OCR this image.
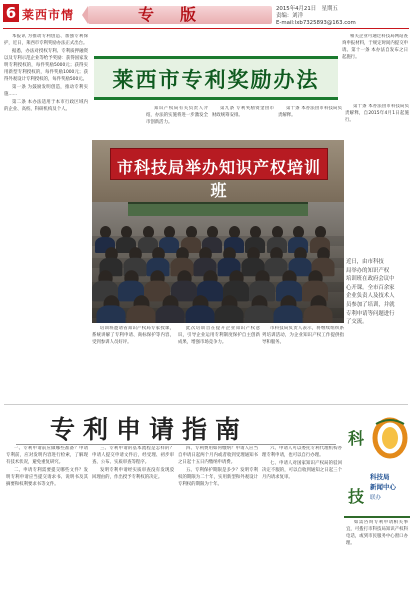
6 莱西市情	专版	2015年4月21日　星期五
责编：刘洋
E-mail:lxb7325893@163.com

本报讯 为推动专利创造、加强专利保护，近日，莱西市专利奖励办法正式出台。

据悉，办法对授权专利、专利质押融资以及专利示范企业等给予奖励：获得国家发明专利授权的，每件奖励5000元；获得实用新型专利授权的，每件奖励1000元；获得外观设计专利授权的，每件奖励500元。

第一条 为鼓励发明创造，推动专利实施……

第二条 本办法适用于本市行政区域内的企业、高校、科研机构及个人。

相关企业可通过科技局网站查询申报材料，于规定时间内提交申请。第十一条 本办法自发布之日起施行。

莱西市专利奖励办法

知识产权局有关负责人介绍，办法的实施将进一步激发全市创新活力。

第九条 专利奖励资金由市财政统筹安排。

第十条 本办法由市科技局负责解释。

第十条 本办法由市科技局负责解释，自2015年4月1日起施行。

市科技局举办知识产权培训班
近日，由市科技
局举办的知识产权
培训班在政府会议中
心开课。全市百余家
企业负责人及技术人
员参加了培训，并就
专利申请等问题进行
了交流。

培训班邀请省知识产权局专家授课，系统讲解了专利申请、商标保护等内容，受到参训人员好评。

此次培训旨在提升企业知识产权意识，引导企业运用专利制度保护自主创新成果，增强市场竞争力。

市科技局负责人表示，将继续组织系列培训活动，为企业知识产权工作提供指导和服务。

专利申请指南

一、专利申请前应做哪些准备？申请专利前，应对发明内容进行检索，了解现有技术状况，避免重复研究。

二、申请专利需要提交哪些文件？发明专利申请应当提交请求书、说明书及其摘要和权利要求书等文件。

三、专利申请的基本流程是怎样的？申请人提交申请文件后，经受理、初步审查、公布、实质审查等程序。

发明专利申请经实质审查没有发现驳回理由的，作出授予专利权的决定。

四、专利费用如何缴纳？申请人应当自申请日起两个月内或者收到受理通知书之日起十五日内缴纳申请费。

五、专利保护期限是多少？发明专利权的期限为二十年，实用新型和外观设计专利权的期限为十年。

六、申请人可以委托专利代理机构办理专利申请，也可以自行办理。

七、申请人对国家知识产权局的驳回决定不服的，可以自收到通知之日起三个月内请求复审。

如需咨询专利申请相关事宜，可拨打市科技局知识产权科电话，或到市民服务中心窗口办理。

科
技
科技局
新闻中心
联办
